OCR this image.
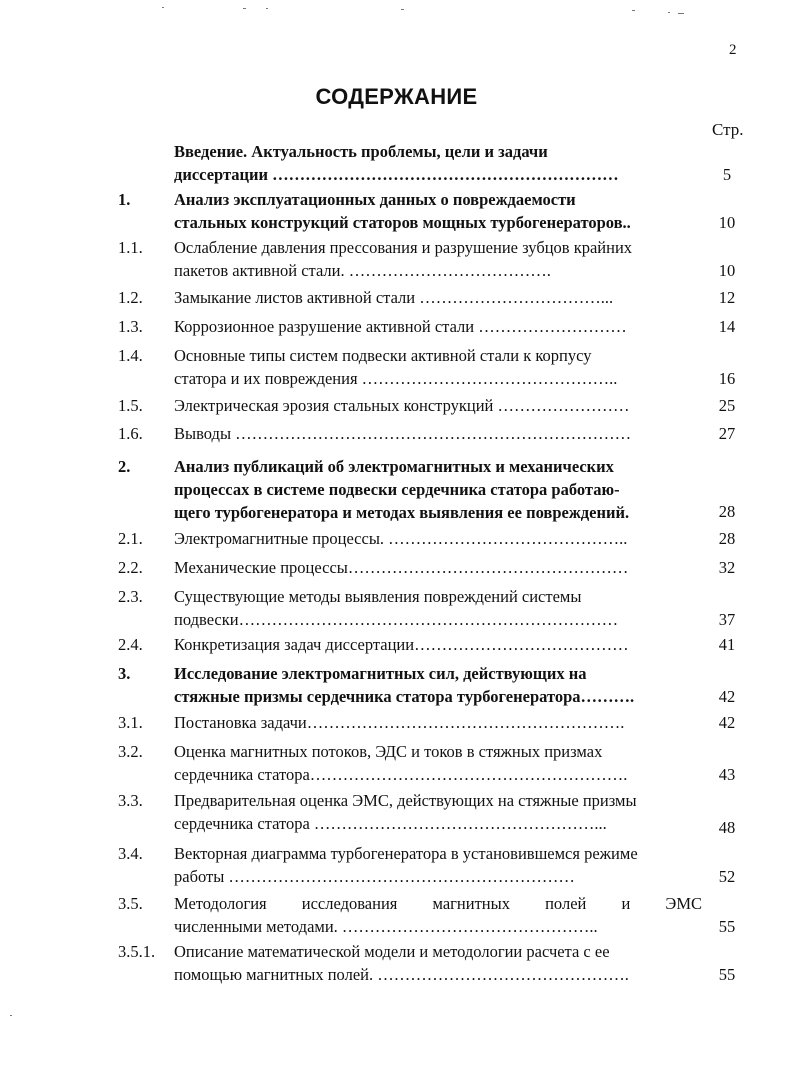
2
СОДЕРЖАНИЕ
Стр.
Введение. Актуальность проблемы, цели и задачи
диссертации ………………………………………………………	5
1.	Анализ эксплуатационных данных о повреждаемости
стальных конструкций статоров мощных турбогенераторов..	10
1.1. Ослабление давления прессования и разрушение зубцов крайних
пакетов активной стали. ……………………………….	10
1.2. Замыкание листов активной стали ……………………………...	12
1.3. Коррозионное разрушение активной стали ………………………	14
1.4. Основные типы систем подвески активной стали к корпусу
статора и их повреждения ………………………………………..	16
1.5. Электрическая эрозия стальных конструкций ……………………	25
1.6. Выводы ………………………………………………………………	27
2.	Анализ публикаций об электромагнитных и механических
процессах в системе подвески сердечника статора работаю-
щего турбогенератора и методах выявления ее повреждений.	28
2.1. Электромагнитные процессы. ……………………………………..	28
2.2. Механические процессы……………………………………………	32
2.3. Существующие методы выявления повреждений системы
подвески……………………………………………………………	37
2.4. Конкретизация задач диссертации…………………………………	41
3.	Исследование электромагнитных сил, действующих на
стяжные призмы сердечника статора турбогенератора……….	42
3.1. Постановка задачи………………………………………………….	42
3.2. Оценка магнитных потоков, ЭДС и токов в стяжных призмах
сердечника статора………………………………………………….	43
3.3. Предварительная оценка ЭМС, действующих на стяжные призмы
сердечника статора ……………………………………………...	48
3.4. Векторная диаграмма турбогенератора в установившемся режиме
работы ………………………………………………………	52
3.5. Методология исследования магнитных полей и ЭМС
численными методами. ………………………………………..	55
3.5.1. Описание математической модели и методологии расчета с ее
помощью магнитных полей. ……………………………………….	55
